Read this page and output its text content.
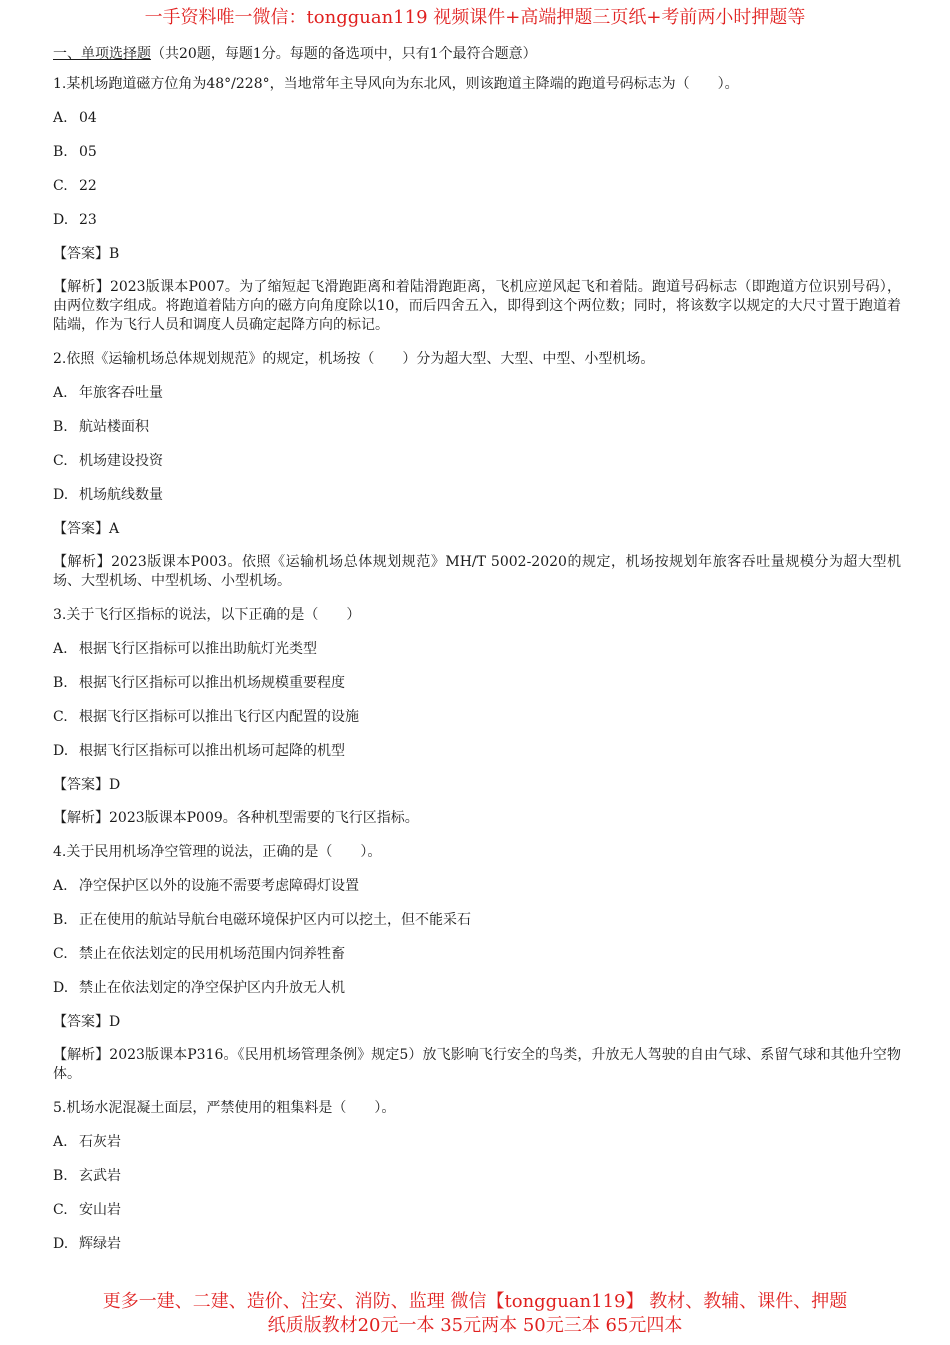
一手资料唯一微信：tongguan119 视频课件+高端押题三页纸+考前两小时押题等
一、单项选择题（共20题，每题1分。每题的备选项中，只有1个最符合题意）
1.某机场跑道磁方位角为48°/228°，当地常年主导风向为东北风，则该跑道主降端的跑道号码标志为（　　）。
A. 04
B. 05
C. 22
D. 23
【答案】B
【解析】2023版课本P007。为了缩短起飞滑跑距离和着陆滑跑距离，飞机应逆风起飞和着陆。跑道号码标志（即跑道方位识别号码），由两位数字组成。将跑道着陆方向的磁方向角度除以10，而后四舍五入，即得到这个两位数；同时，将该数字以规定的大尺寸置于跑道着陆端，作为飞行人员和调度人员确定起降方向的标记。
2.依照《运输机场总体规划规范》的规定，机场按（　　）分为超大型、大型、中型、小型机场。
A. 年旅客吞吐量
B. 航站楼面积
C. 机场建设投资
D. 机场航线数量
【答案】A
【解析】2023版课本P003。依照《运输机场总体规划规范》MH/T 5002-2020的规定，机场按规划年旅客吞吐量规模分为超大型机场、大型机场、中型机场、小型机场。
3.关于飞行区指标的说法，以下正确的是（　　）
A. 根据飞行区指标可以推出助航灯光类型
B. 根据飞行区指标可以推出机场规模重要程度
C. 根据飞行区指标可以推出飞行区内配置的设施
D. 根据飞行区指标可以推出机场可起降的机型
【答案】D
【解析】2023版课本P009。各种机型需要的飞行区指标。
4.关于民用机场净空管理的说法，正确的是（　　）。
A. 净空保护区以外的设施不需要考虑障碍灯设置
B. 正在使用的航站导航台电磁环境保护区内可以挖土，但不能采石
C. 禁止在依法划定的民用机场范围内饲养牲畜
D. 禁止在依法划定的净空保护区内升放无人机
【答案】D
【解析】2023版课本P316。《民用机场管理条例》规定5）放飞影响飞行安全的鸟类，升放无人驾驶的自由气球、系留气球和其他升空物体。
5.机场水泥混凝土面层，严禁使用的粗集料是（　　）。
A. 石灰岩
B. 玄武岩
C. 安山岩
D. 辉绿岩
更多一建、二建、造价、注安、消防、监理 微信【tongguan119】 教材、教辅、课件、押题
纸质版教材20元一本 35元两本 50元三本 65元四本
